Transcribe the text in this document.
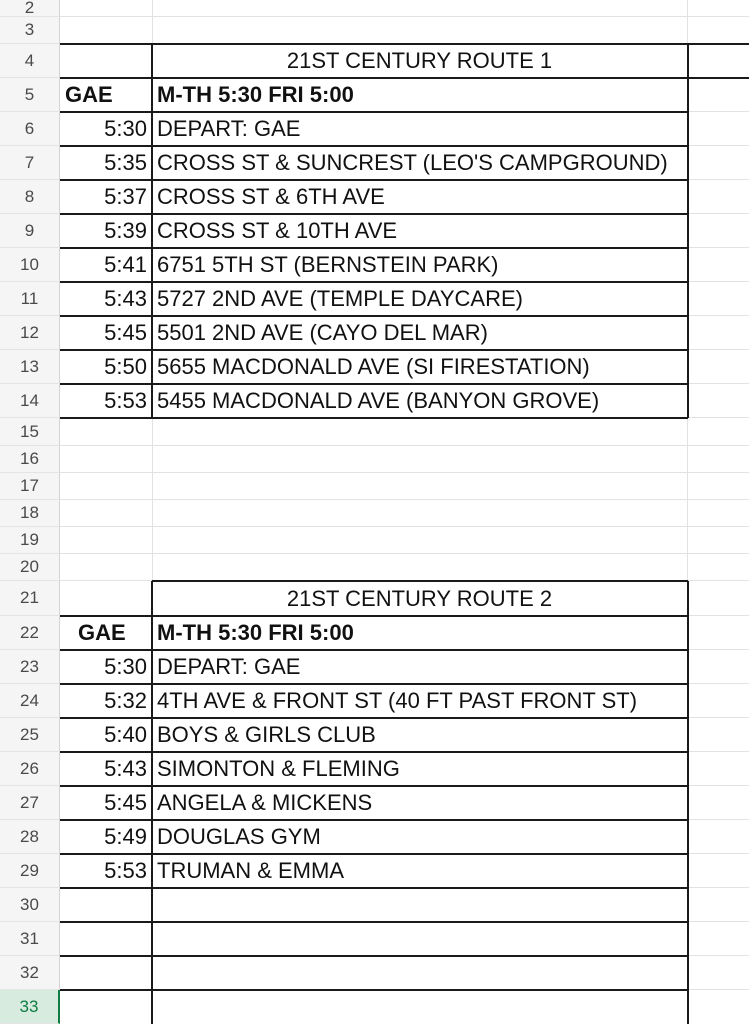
2
3
4
5
6
7
8
9
10
11
12
13
14
15
16
17
18
19
20
21
22
23
24
25
26
27
28
29
30
31
32
33
21ST CENTURY ROUTE 1
GAE	M-TH 5:30 FRI 5:00
5:30 DEPART: GAE
5:35 CROSS ST & SUNCREST (LEO'S CAMPGROUND)
5:37 CROSS ST & 6TH AVE
5:39 CROSS ST & 10TH AVE
5:41 6751 5TH ST (BERNSTEIN PARK)
5:43 5727 2ND AVE (TEMPLE DAYCARE)
5:45 5501 2ND AVE (CAYO DEL MAR)
5:50 5655 MACDONALD AVE (SI FIRESTATION)
5:53 5455 MACDONALD AVE (BANYON GROVE)
21ST CENTURY ROUTE 2
GAE	M-TH 5:30 FRI 5:00
5:30 DEPART: GAE
5:32 4TH AVE & FRONT ST (40 FT PAST FRONT ST)
5:40 BOYS & GIRLS CLUB
5:43 SIMONTON & FLEMING
5:45 ANGELA & MICKENS
5:49 DOUGLAS GYM
5:53 TRUMAN & EMMA
